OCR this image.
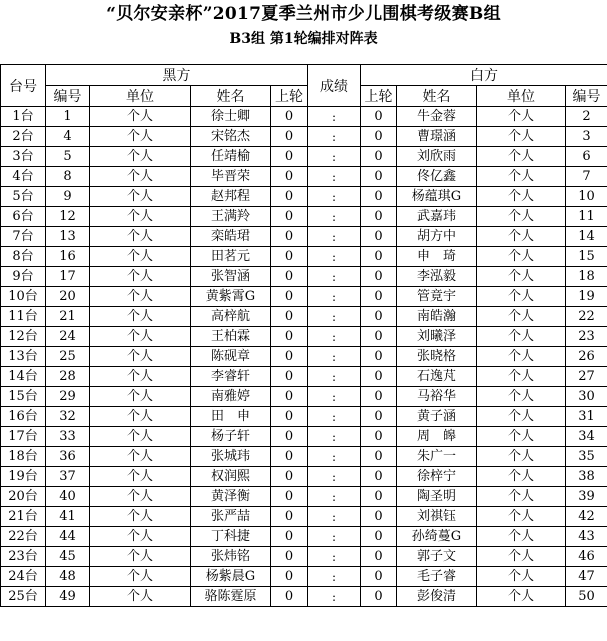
“贝尔安亲杯”2017夏季兰州市少儿围棋考级赛B组
B3组 第1轮编排对阵表
台号	黑方				成绩	白方			
	编号	单位	姓名	上轮		上轮	姓名	单位	编号
1台	1	个人	徐士卿	0	:	0	牛金蓉	个人	2
2台	4	个人	宋铭杰	0	:	0	曹璟涵	个人	3
3台	5	个人	任靖榆	0	:	0	刘欣雨	个人	6
4台	8	个人	毕晋荣	0	:	0	佟亿鑫	个人	7
5台	9	个人	赵邦程	0	:	0	杨蕴琪G	个人	10
6台	12	个人	王满羚	0	:	0	武嘉玮	个人	11
7台	13	个人	栾皓珺	0	:	0	胡方中	个人	14
8台	16	个人	田茗元	0	:	0	申　琦	个人	15
9台	17	个人	张智涵	0	:	0	李泓毅	个人	18
10台	20	个人	黄紫霄G	0	:	0	管竟宇	个人	19
11台	21	个人	高梓航	0	:	0	南皓瀚	个人	22
12台	24	个人	王柏霖	0	:	0	刘曦泽	个人	23
13台	25	个人	陈砚章	0	:	0	张晓格	个人	26
14台	28	个人	李睿轩	0	:	0	石逸芃	个人	27
15台	29	个人	南雅婷	0	:	0	马裕华	个人	30
16台	32	个人	田　申	0	:	0	黄子涵	个人	31
17台	33	个人	杨子轩	0	:	0	周　皞	个人	34
18台	36	个人	张城玮	0	:	0	朱广一	个人	35
19台	37	个人	权润熙	0	:	0	徐梓宁	个人	38
20台	40	个人	黄泽衡	0	:	0	陶圣明	个人	39
21台	41	个人	张严喆	0	:	0	刘祺钰	个人	42
22台	44	个人	丁科捷	0	:	0	孙绮蔓G	个人	43
23台	45	个人	张炜铭	0	:	0	郭子文	个人	46
24台	48	个人	杨紫晨G	0	:	0	毛子睿	个人	47
25台	49	个人	骆陈霆原	0	:	0	彭俊清	个人	50
